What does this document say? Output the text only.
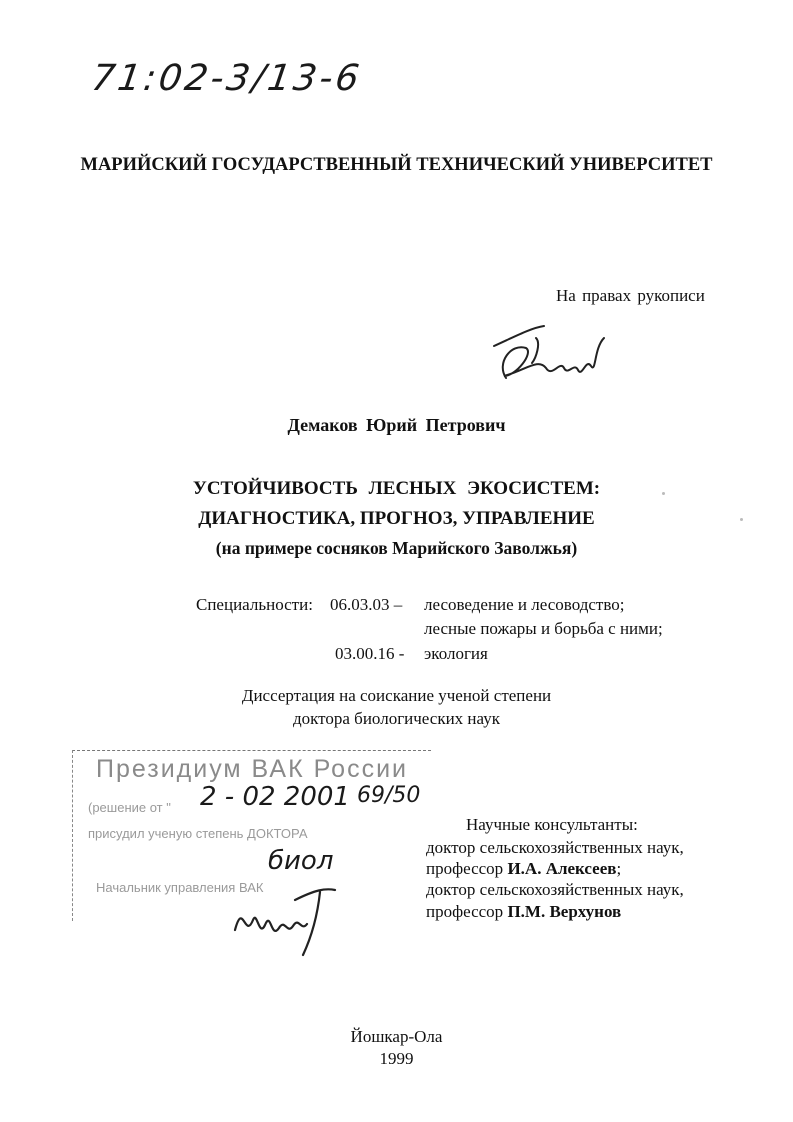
71:02-3/13-6
МАРИЙСКИЙ ГОСУДАРСТВЕННЫЙ ТЕХНИЧЕСКИЙ УНИВЕРСИТЕТ
На правах рукописи
Демаков Юрий Петрович
УСТОЙЧИВОСТЬ ЛЕСНЫХ ЭКОСИСТЕМ:
ДИАГНОСТИКА, ПРОГНОЗ, УПРАВЛЕНИЕ
(на примере сосняков Марийского Заволжья)
Специальности: 06.03.03 – лесоведение и лесоводство;
лесные пожары и борьба с ними;
03.00.16 - экология
Диссертация на соискание ученой степени
доктора биологических наук
Президиум ВАК России
(решение от "
присудил ученую степень ДОКТОРА
Начальник управления ВАК
2 - 02 2001 69/50
биол
Научные консультанты:
доктор сельскохозяйственных наук,
профессор И.А. Алексеев;
доктор сельскохозяйственных наук,
профессор П.М. Верхунов
Йошкар-Ола
1999
